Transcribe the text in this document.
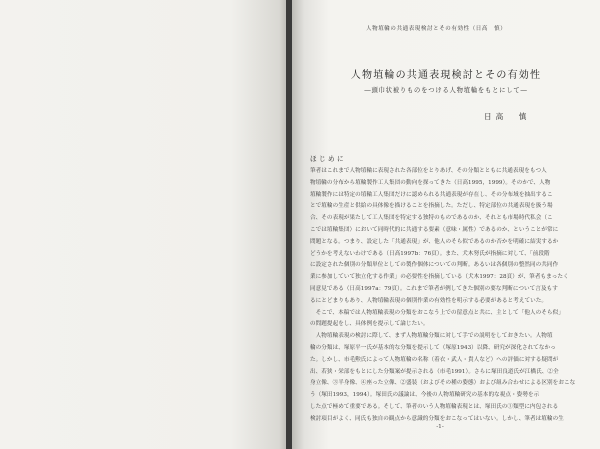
人物埴輪の共通表現検討とその有効性（日高　慎）
人物埴輪の共通表現検討とその有効性
―頭巾状被りものをつける人物埴輪をもとにして―
日高　慎
ほじめに
筆者はこれまで人物埴輪に表現された各部位をとりあげ、その分類とともに共通表現をもつ人
物埴輪の分布から埴輪製作工人集団の動向を探ってきた（日高1995，1999）。そのかで、人物
埴輪製作には特定の埴輪工人集団だけに認められる共通表現が存在し、その分布域を抽出するこ
とで埴輪の生産と供給の具体像を描けることを指摘した。ただし、特定部位の共通表現を扱う場
合、その表現が果たして工人集団を特定する独特のものであるのか、それとも市場時代私会（こ
こでは埴輪集団）において同時代的に共通する要素（意味・属性）であるのか、ということが常に
問題となる。つまり、設定した「共通表現」が、他人のそら似であるのか否かを明確に結実するか
どうかを考えないわけである（日高1997b：76頁）。また、犬木努氏が指摘に対して、「前段階
に設定された個別の分類単位としての製作個体についての判断。あるいは各個別の整然同の共同作
業に参加していて独立化する作業」の必要性を指摘している（犬木1997：28頁）が、筆者もまったく
同意見である（日高1997a：79頁）。これまで筆者が例してきた個別の要な判断について言及もす
るにとどまりもあり、人物埴輪表現の個別作業の有効性を明示する必要があると考えていた。
　そこで、本稿では人物埴輪表現の分類をおこなう上での留意点と共に、主として「他人のそら似」
の問題提起をし、具体例を提示して論じたい。
　人物埴輪表現の検討に際して、まず人物埴輪分類に対して手での説明をしておきたい。人物埴
輪の分類は、塚原平一氏が基本的な分類を提示して（塚原1943）以降、研究が深化されてなかっ
た。しかし、市毛勲氏によって人物埴輪の名称（着衣・武人・貴人など）への評価に対する疑問が
出、若狭・栄部をもとにした分類案が提示される（市毛1991）。さらに塚田良道氏が江橋氏、②全
身立像、③半身像、④座った立像、②盛装（およびその種の姿態）および組み合わせによる区別をおこな
う（塚田1993，1994）。塚田氏の議論は、今後の人物埴輪研究の基本的な視点・姿勢を示
した点で極めて重要である。そして、筆者のいう人物埴輪表現とは、塚田氏の①類型に内包される
検討項目がよく、同氏も独自の観点から意識的分類をおこなってはいない。しかし、筆者は埴輪の生
-1-
